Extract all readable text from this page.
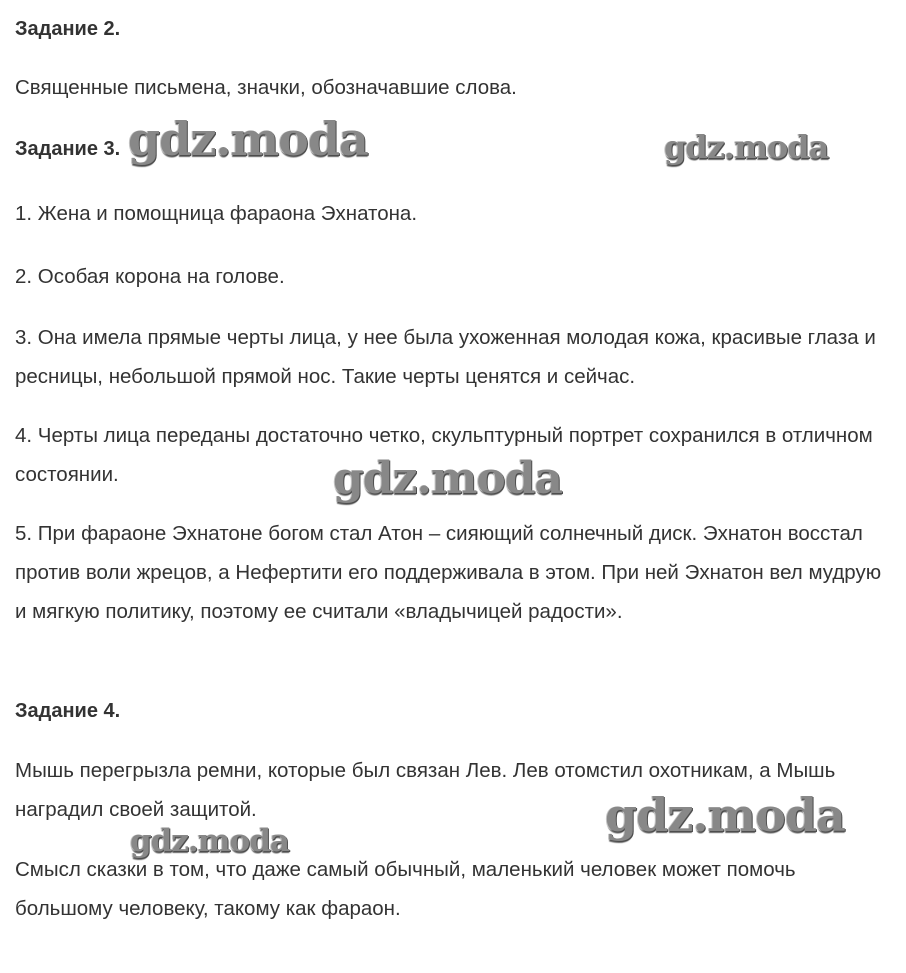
Задание 2.
Священные письмена, значки, обозначавшие слова.
Задание 3.
1. Жена и помощница фараона Эхнатона.
2. Особая корона на голове.
3. Она имела прямые черты лица, у нее была ухоженная молодая кожа, красивые глаза и ресницы, небольшой прямой нос. Такие черты ценятся и сейчас.
4. Черты лица переданы достаточно четко, скульптурный портрет сохранился в отличном состоянии.
5. При фараоне Эхнатоне богом стал Атон – сияющий солнечный диск. Эхнатон восстал против воли жрецов, а Нефертити его поддерживала в этом. При ней Эхнатон вел мудрую и мягкую политику, поэтому ее считали «владычицей радости».
Задание 4.
Мышь перегрызла ремни, которые был связан Лев. Лев отомстил охотникам, а Мышь наградил своей защитой.
Смысл сказки в том, что даже самый обычный, маленький человек может помочь большому человеку, такому как фараон.
gdz.moda	gdz.moda
gdz.moda
gdz.moda
gdz.moda
